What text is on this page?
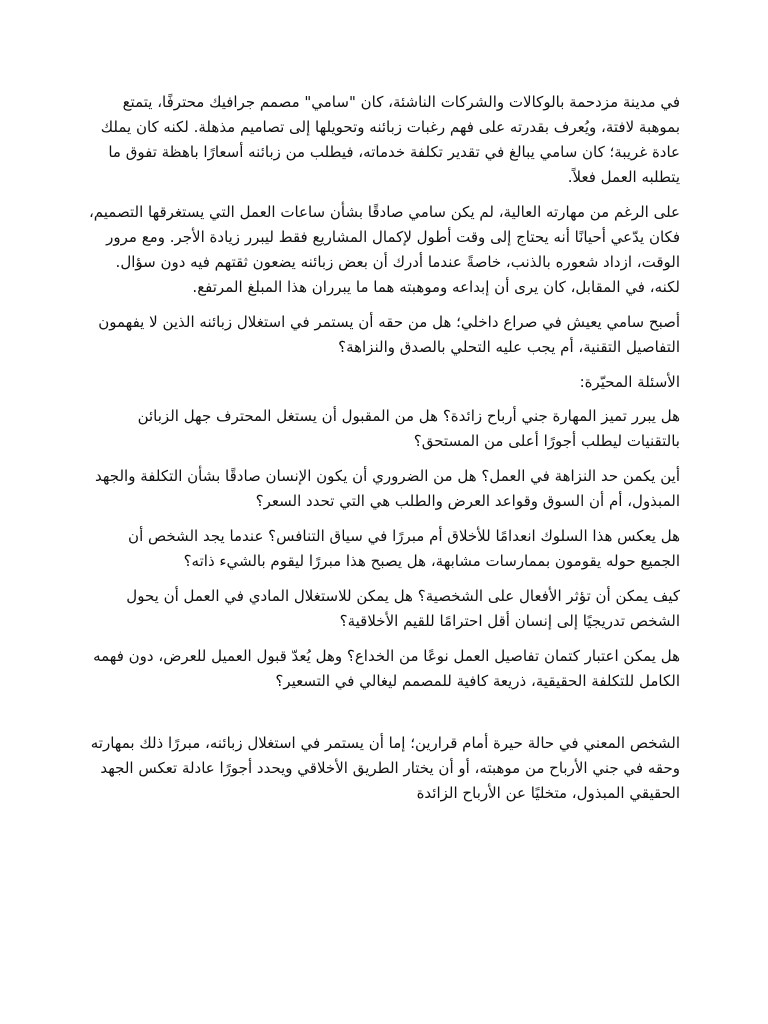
في مدينة مزدحمة بالوكالات والشركات الناشئة، كان "سامي" مصمم جرافيك محترفًا، يتمتع بموهبة لافتة، ويُعرف بقدرته على فهم رغبات زبائنه وتحويلها إلى تصاميم مذهلة. لكنه كان يملك عادة غريبة؛ كان سامي يبالغ في تقدير تكلفة خدماته، فيطلب من زبائنه أسعارًا باهظة تفوق ما يتطلبه العمل فعلاً.

على الرغم من مهارته العالية، لم يكن سامي صادقًا بشأن ساعات العمل التي يستغرقها التصميم، فكان يدّعي أحيانًا أنه يحتاج إلى وقت أطول لإكمال المشاريع فقط ليبرر زيادة الأجر. ومع مرور الوقت، ازداد شعوره بالذنب، خاصةً عندما أدرك أن بعض زبائنه يضعون ثقتهم فيه دون سؤال. لكنه، في المقابل، كان يرى أن إبداعه وموهبته هما ما يبرران هذا المبلغ المرتفع.

أصبح سامي يعيش في صراع داخلي؛ هل من حقه أن يستمر في استغلال زبائنه الذين لا يفهمون التفاصيل التقنية، أم يجب عليه التحلي بالصدق والنزاهة؟

الأسئلة المحيّرة:

هل يبرر تميز المهارة جني أرباح زائدة؟ هل من المقبول أن يستغل المحترف جهل الزبائن بالتقنيات ليطلب أجورًا أعلى من المستحق؟

أين يكمن حد النزاهة في العمل؟ هل من الضروري أن يكون الإنسان صادقًا بشأن التكلفة والجهد المبذول، أم أن السوق وقواعد العرض والطلب هي التي تحدد السعر؟

هل يعكس هذا السلوك انعدامًا للأخلاق أم مبررًا في سياق التنافس؟ عندما يجد الشخص أن الجميع حوله يقومون بممارسات مشابهة، هل يصبح هذا مبررًا ليقوم بالشيء ذاته؟

كيف يمكن أن تؤثر الأفعال على الشخصية؟ هل يمكن للاستغلال المادي في العمل أن يحول الشخص تدريجيًا إلى إنسان أقل احترامًا للقيم الأخلاقية؟

هل يمكن اعتبار كتمان تفاصيل العمل نوعًا من الخداع؟ وهل يُعدّ قبول العميل للعرض، دون فهمه الكامل للتكلفة الحقيقية، ذريعة كافية للمصمم ليغالي في التسعير؟

الشخص المعني في حالة حيرة أمام قرارين؛ إما أن يستمر في استغلال زبائنه، مبررًا ذلك بمهارته وحقه في جني الأرباح من موهبته، أو أن يختار الطريق الأخلاقي ويحدد أجورًا عادلة تعكس الجهد الحقيقي المبذول، متخليًا عن الأرباح الزائدة
